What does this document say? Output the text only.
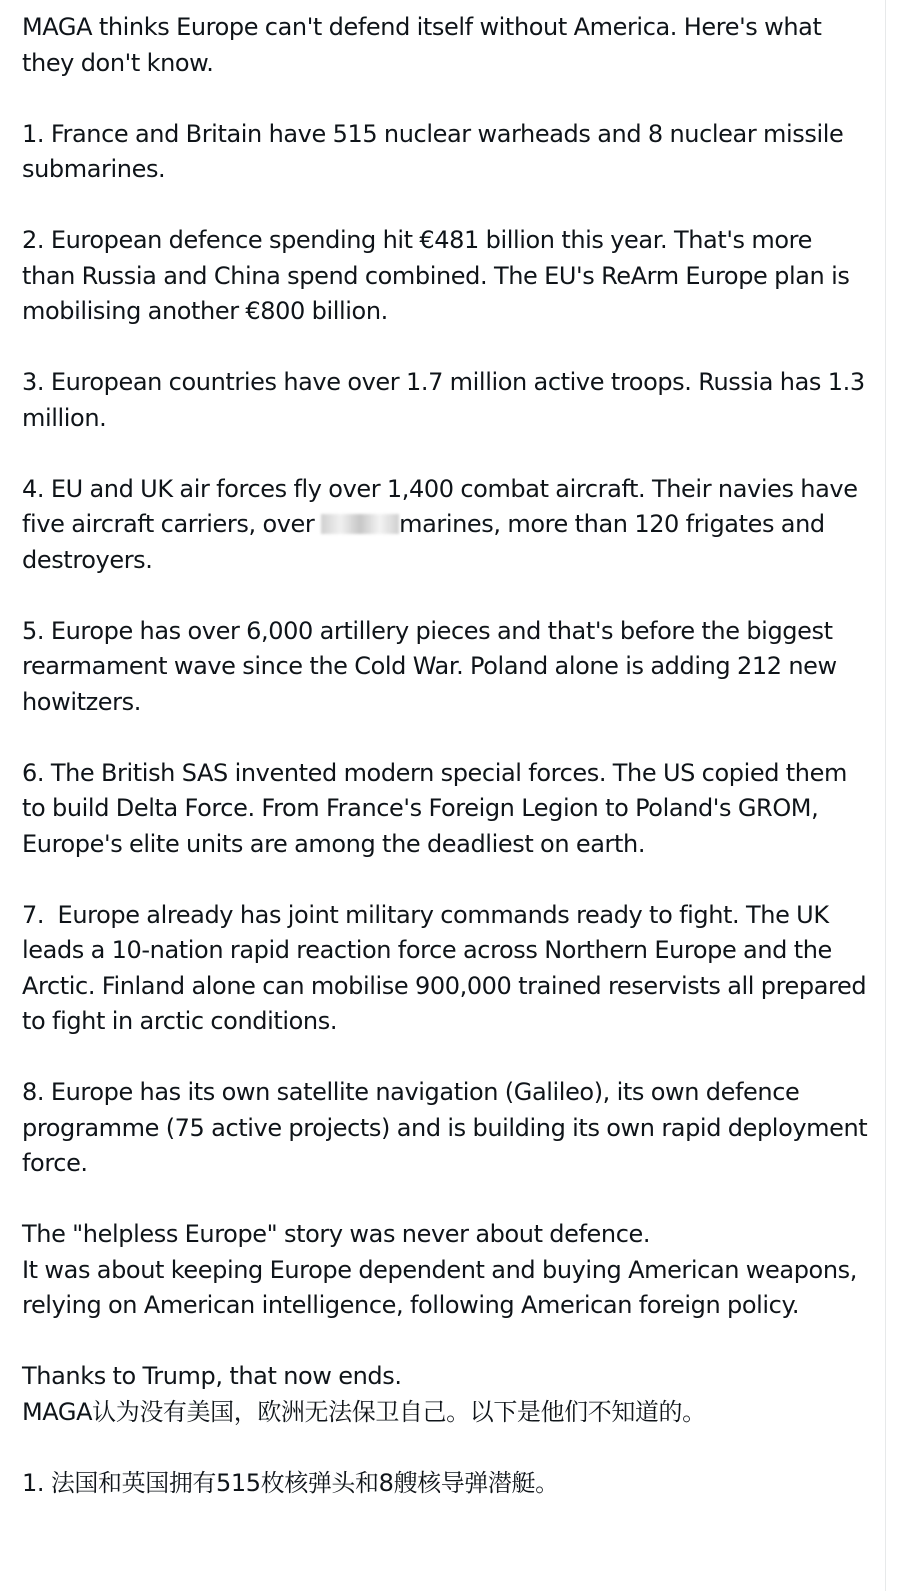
MAGA thinks Europe can't defend itself without America. Here's what they don't know.

1. France and Britain have 515 nuclear warheads and 8 nuclear missile submarines.

2. European defence spending hit €481 billion this year. That's more than Russia and China spend combined. The EU's ReArm Europe plan is mobilising another €800 billion.

3. European countries have over 1.7 million active troops. Russia has 1.3 million.

4. EU and UK air forces fly over 1,400 combat aircraft. Their navies have five aircraft carriers, over	marines, more than 120 frigates and destroyers.

5. Europe has over 6,000 artillery pieces and that's before the biggest rearmament wave since the Cold War. Poland alone is adding 212 new howitzers.

6. The British SAS invented modern special forces. The US copied them to build Delta Force. From France's Foreign Legion to Poland's GROM, Europe's elite units are among the deadliest on earth.

7.  Europe already has joint military commands ready to fight. The UK leads a 10-nation rapid reaction force across Northern Europe and the Arctic. Finland alone can mobilise 900,000 trained reservists all prepared to fight in arctic conditions.

8. Europe has its own satellite navigation (Galileo), its own defence programme (75 active projects) and is building its own rapid deployment force.

The "helpless Europe" story was never about defence.

It was about keeping Europe dependent and buying American weapons, relying on American intelligence, following American foreign policy.

Thanks to Trump, that now ends.

MAGA认为没有美国，欧洲无法保卫自己。以下是他们不知道的。

1. 法国和英国拥有515枚核弹头和8艘核导弹潜艇。
